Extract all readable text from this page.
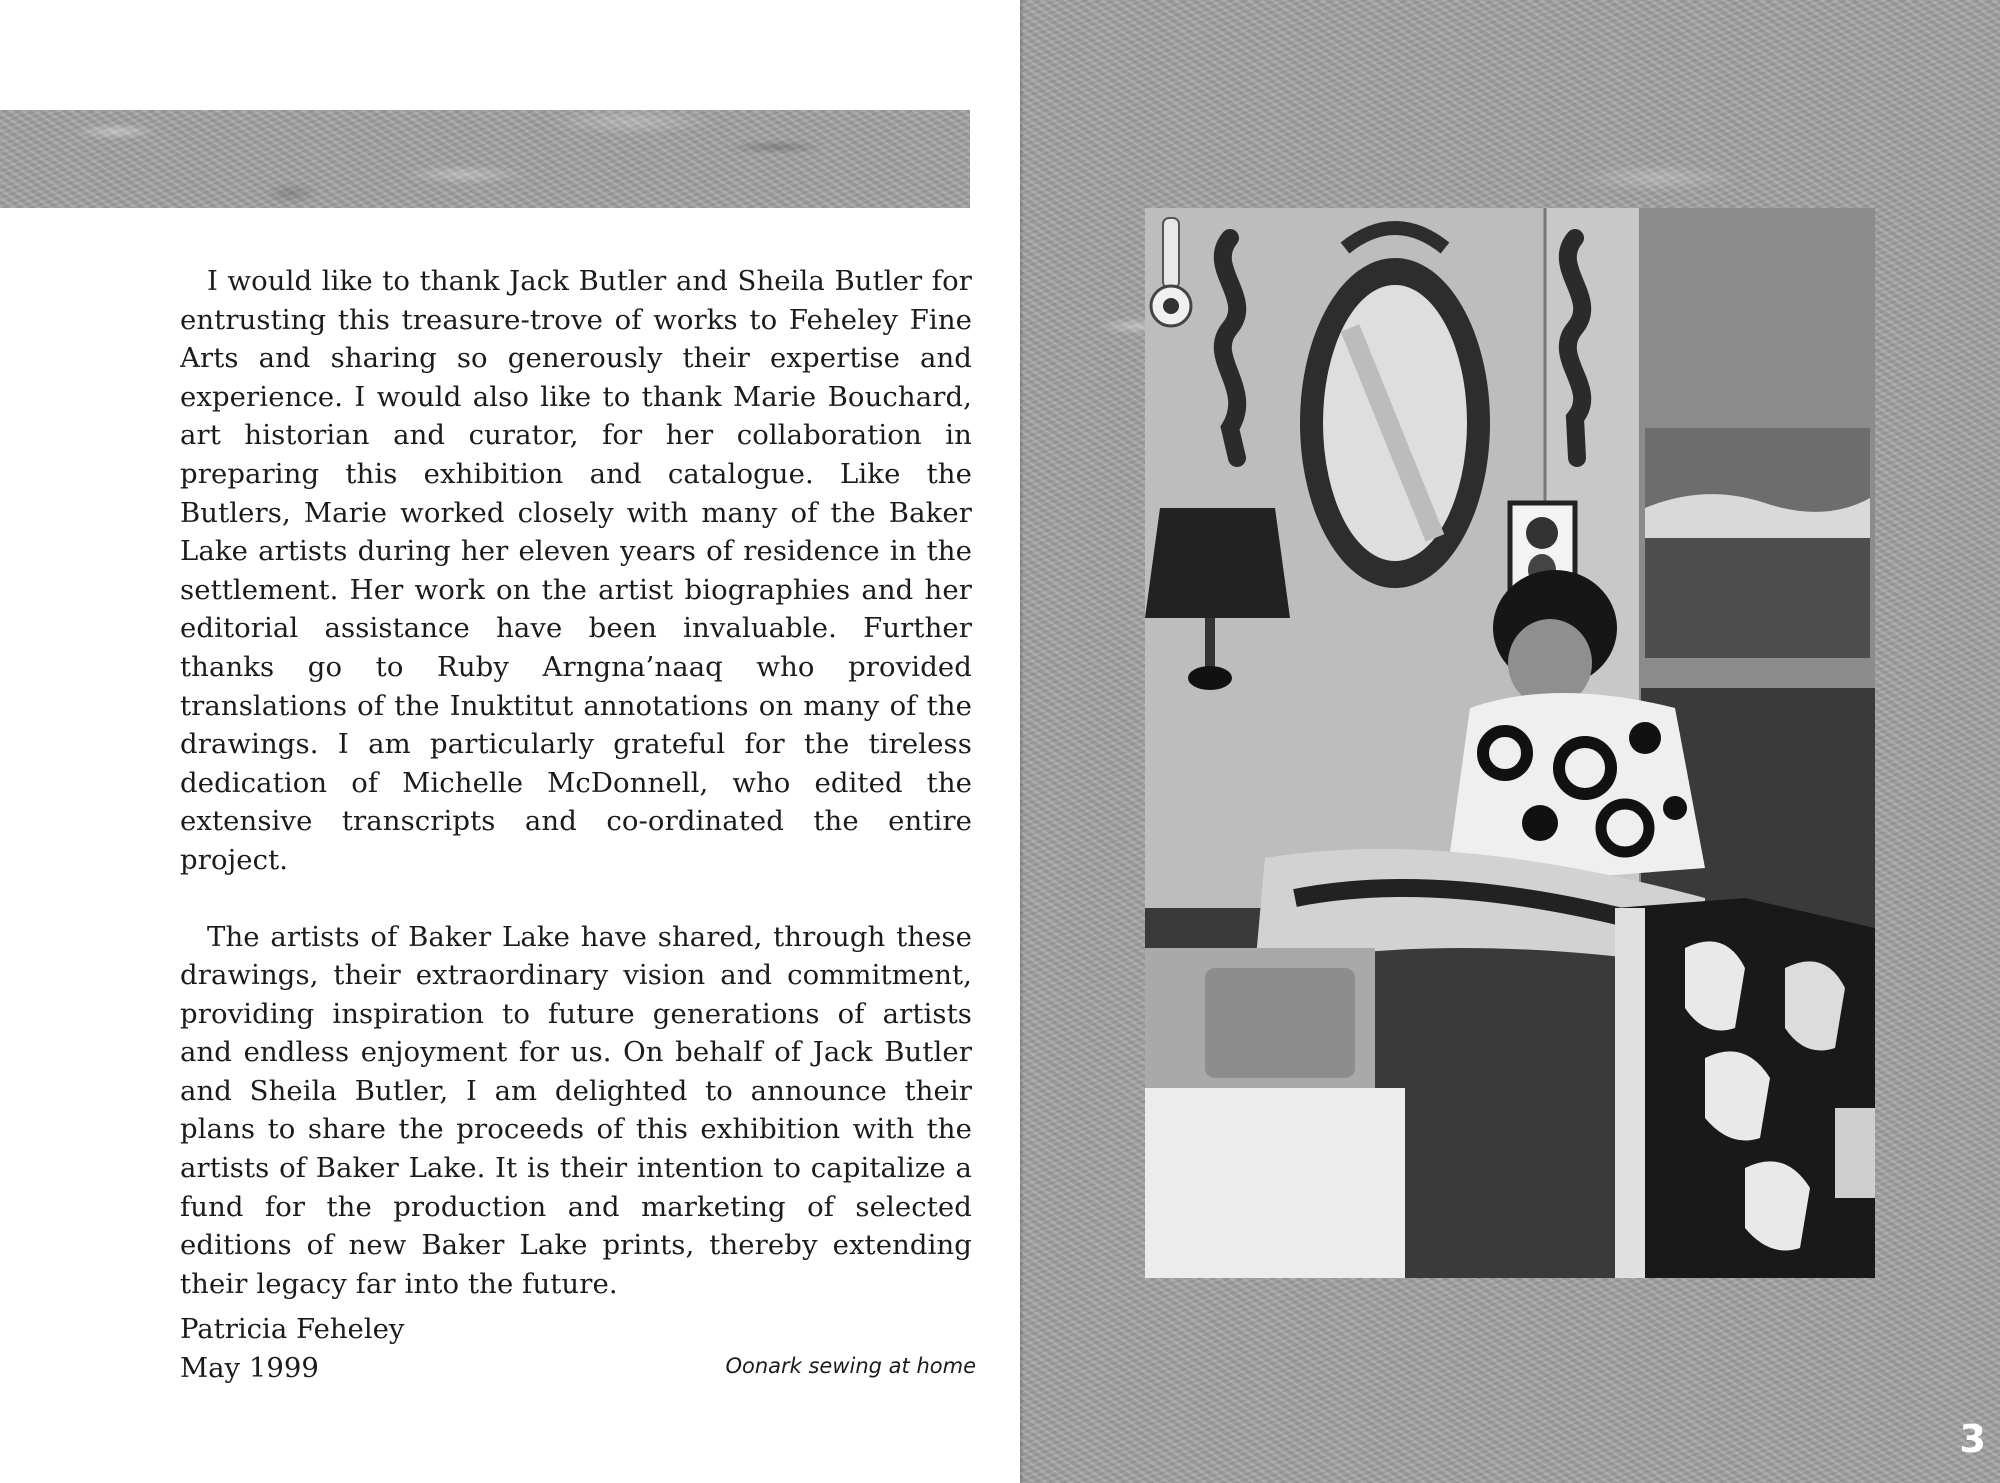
I would like to thank Jack Butler and Sheila Butler for entrusting this treasure-trove of works to Feheley Fine Arts and sharing so generously their expertise and experience. I would also like to thank Marie Bouchard, art historian and curator, for her collaboration in preparing this exhibition and catalogue. Like the Butlers, Marie worked closely with many of the Baker Lake artists during her eleven years of residence in the settlement. Her work on the artist biographies and her editorial assistance have been invaluable. Further thanks go to Ruby Arngna’naaq who provided translations of the Inuktitut annotations on many of the drawings. I am particularly grateful for the tireless dedication of Michelle McDonnell, who edited the extensive transcripts and co-ordinated the entire project.

The artists of Baker Lake have shared, through these drawings, their extraordinary vision and commitment, providing inspiration to future generations of artists and endless enjoyment for us. On behalf of Jack Butler and Sheila Butler, I am delighted to announce their plans to share the proceeds of this exhibition with the artists of Baker Lake. It is their intention to capitalize a fund for the production and marketing of selected editions of new Baker Lake prints, thereby extending their legacy far into the future.

Patricia Feheley
May 1999	Oonark sewing at home
3
